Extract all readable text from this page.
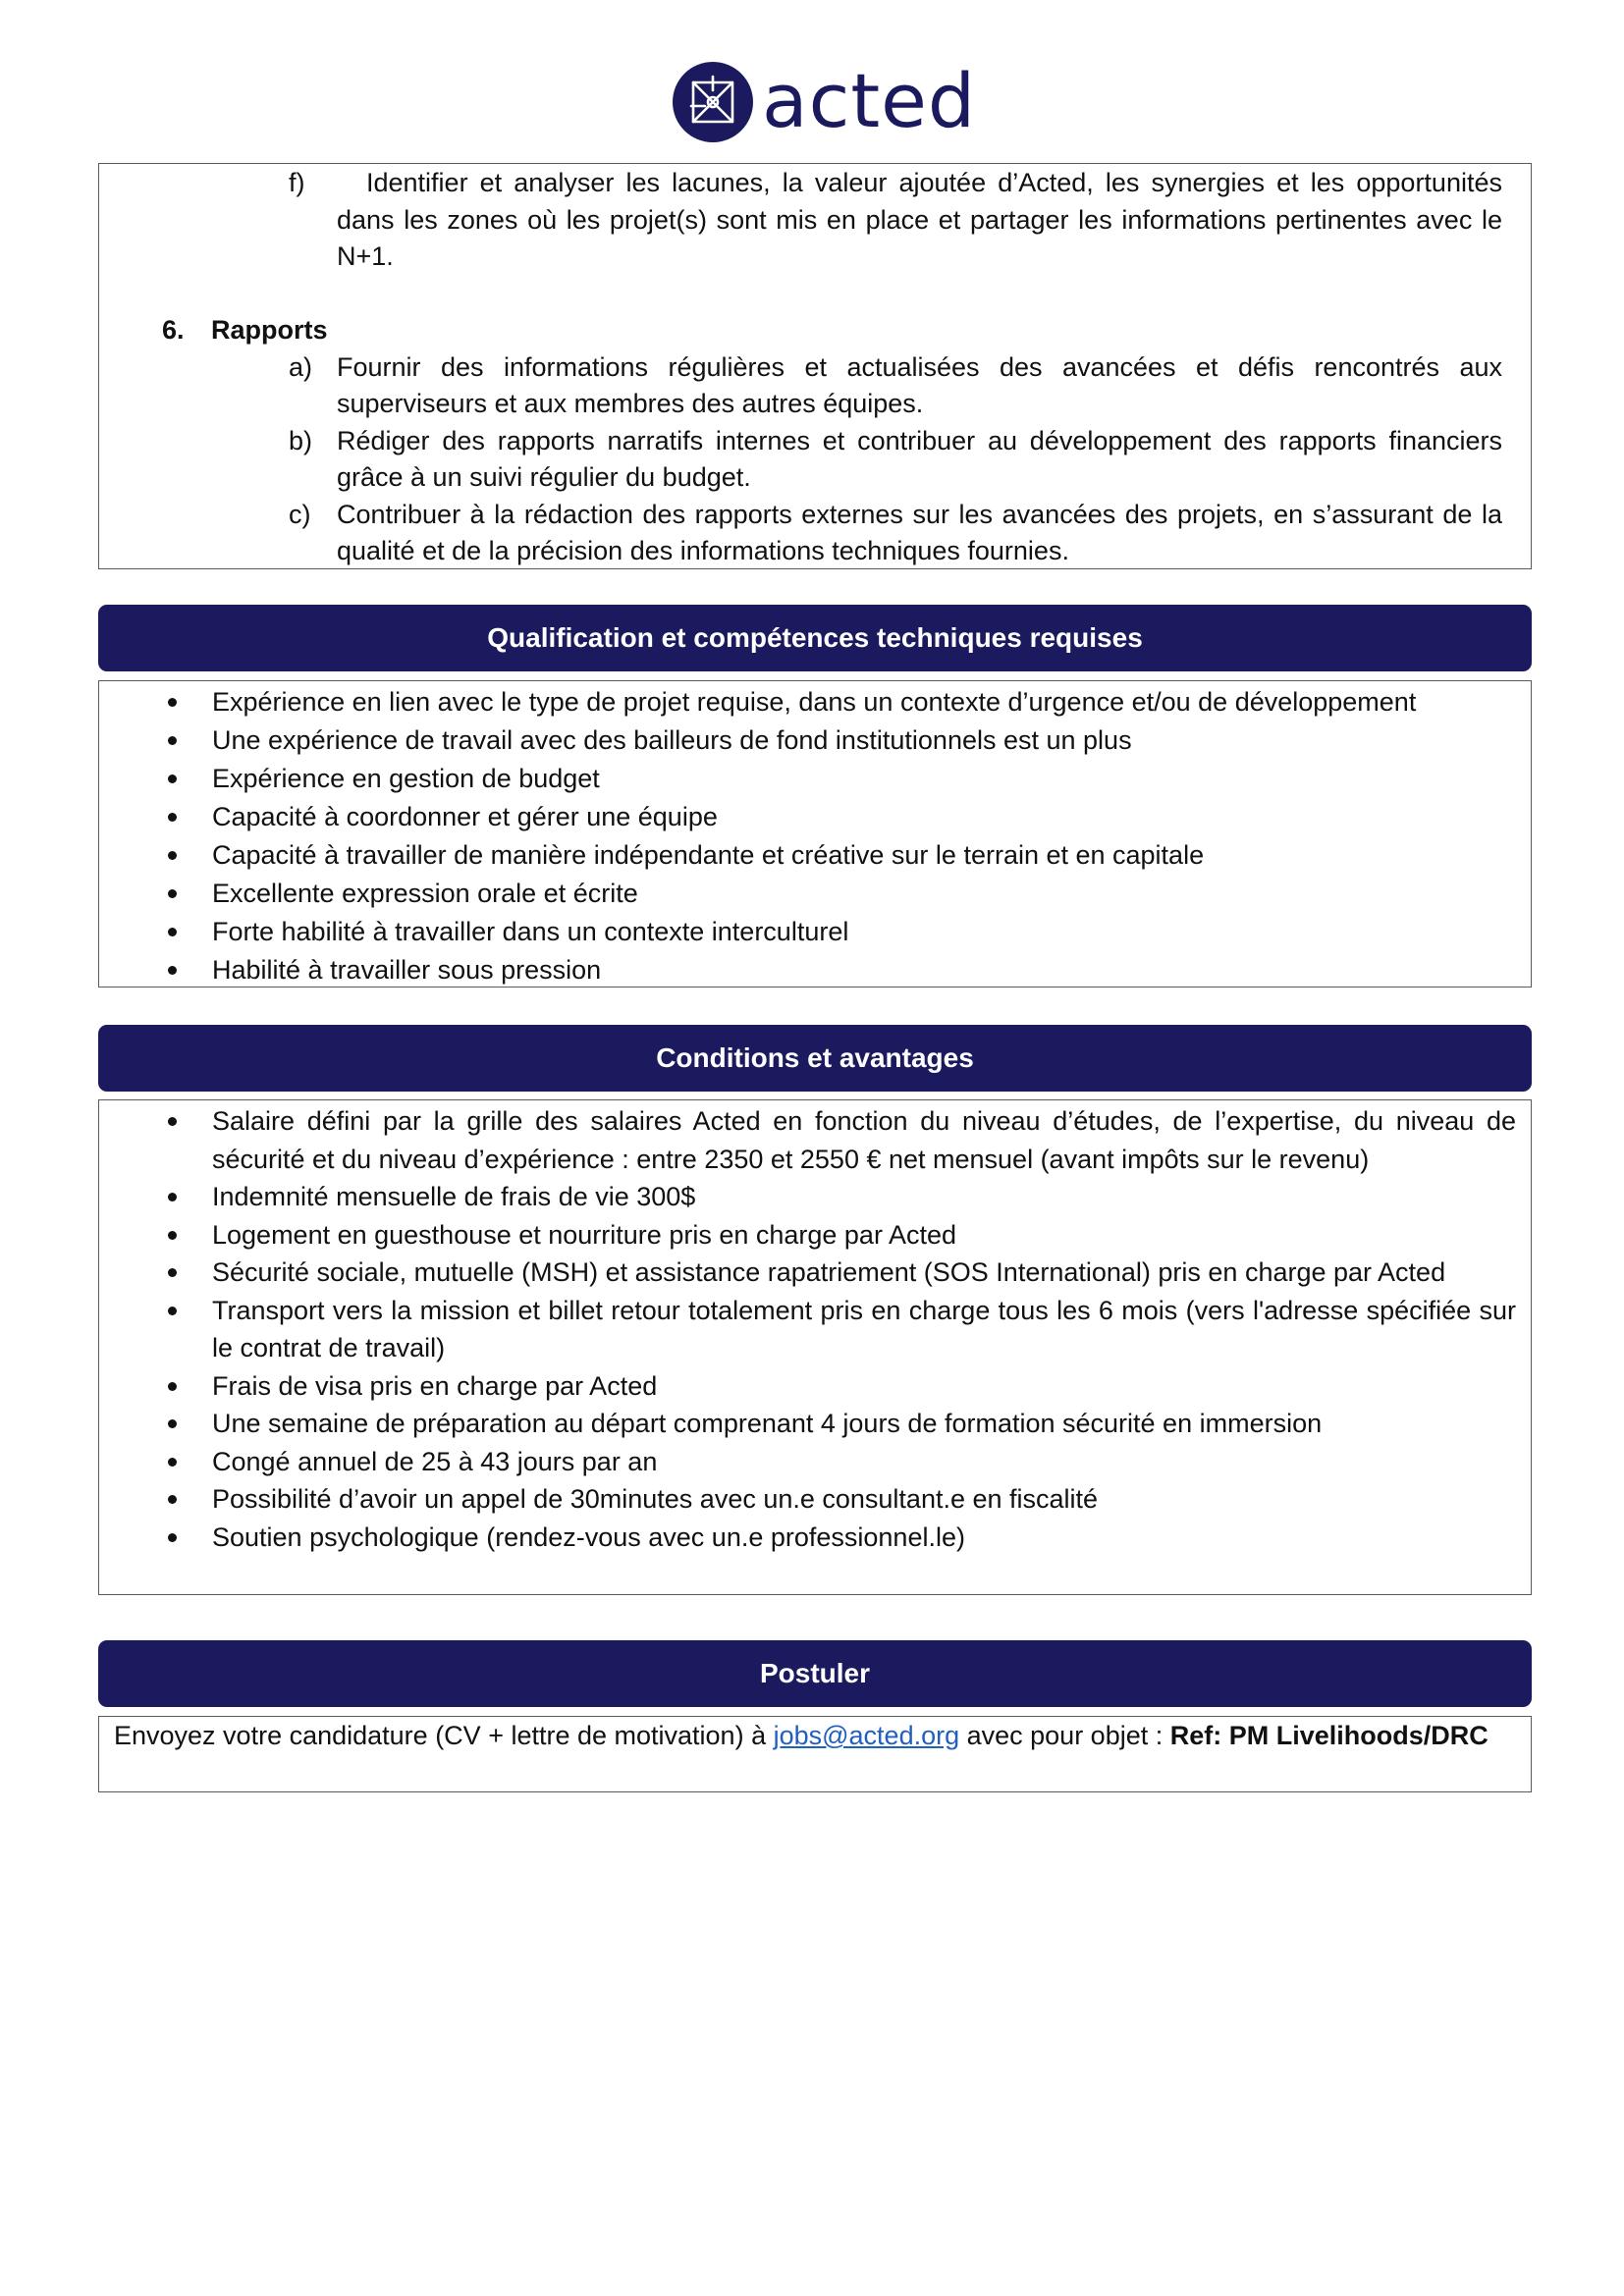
acted
f)	Identifier et analyser les lacunes, la valeur ajoutée d’Acted, les synergies et les opportunités dans les zones où les projet(s) sont mis en place et partager les informations pertinentes avec le N+1.
6. Rapports
a) Fournir des informations régulières et actualisées des avancées et défis rencontrés aux superviseurs et aux membres des autres équipes.
b) Rédiger des rapports narratifs internes et contribuer au développement des rapports financiers grâce à un suivi régulier du budget.
c) Contribuer à la rédaction des rapports externes sur les avancées des projets, en s’assurant de la qualité et de la précision des informations techniques fournies.
Qualification et compétences techniques requises
Expérience en lien avec le type de projet requise, dans un contexte d’urgence et/ou de développement
Une expérience de travail avec des bailleurs de fond institutionnels est un plus
Expérience en gestion de budget
Capacité à coordonner et gérer une équipe
Capacité à travailler de manière indépendante et créative sur le terrain et en capitale
Excellente expression orale et écrite
Forte habilité à travailler dans un contexte interculturel
Habilité à travailler sous pression
Conditions et avantages
Salaire défini par la grille des salaires Acted en fonction du niveau d’études, de l’expertise, du niveau de sécurité et du niveau d’expérience : entre 2350 et 2550 € net mensuel (avant impôts sur le revenu)
Indemnité mensuelle de frais de vie 300$
Logement en guesthouse et nourriture pris en charge par Acted
Sécurité sociale, mutuelle (MSH) et assistance rapatriement (SOS International) pris en charge par Acted
Transport vers la mission et billet retour totalement pris en charge tous les 6 mois (vers l'adresse spécifiée sur le contrat de travail)
Frais de visa pris en charge par Acted
Une semaine de préparation au départ comprenant 4 jours de formation sécurité en immersion
Congé annuel de 25 à 43 jours par an
Possibilité d’avoir un appel de 30minutes avec un.e consultant.e en fiscalité
Soutien psychologique (rendez-vous avec un.e professionnel.le)
Postuler
Envoyez votre candidature (CV + lettre de motivation) à jobs@acted.org avec pour objet : Ref: PM Livelihoods/DRC
